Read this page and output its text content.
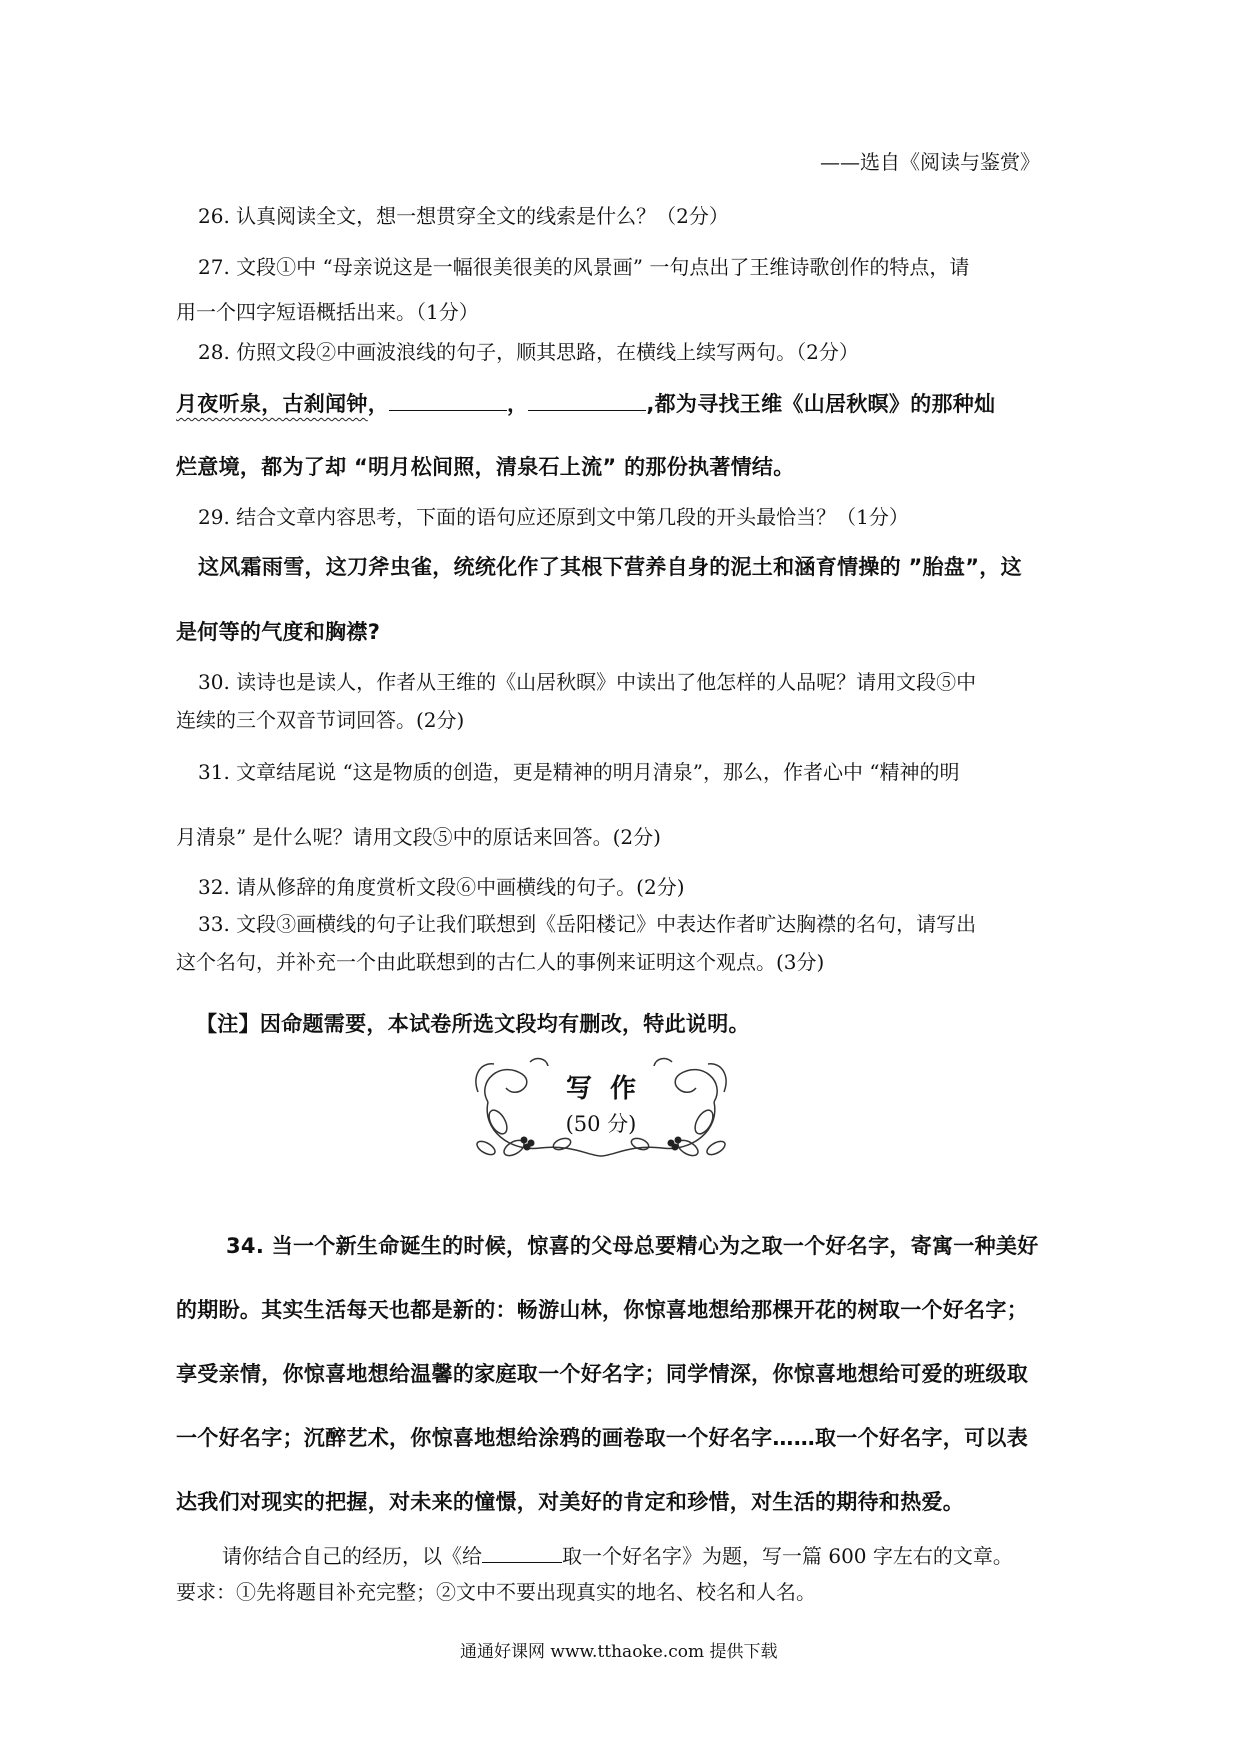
——选自《阅读与鉴赏》
26. 认真阅读全文，想一想贯穿全文的线索是什么？（2分）
27. 文段①中 “母亲说这是一幅很美很美的风景画” 一句点出了王维诗歌创作的特点，请
用一个四字短语概括出来。（1分）
28. 仿照文段②中画波浪线的句子，顺其思路，在横线上续写两句。（2分）
月夜听泉，古刹闻钟，	，	,都为寻找王维《山居秋暝》的那种灿
烂意境，都为了却 “明月松间照，清泉石上流” 的那份执著情结。
29. 结合文章内容思考，下面的语句应还原到文中第几段的开头最恰当？（1分）
这风霜雨雪，这刀斧虫雀，统统化作了其根下营养自身的泥土和涵育情操的 ”胎盘”，这
是何等的气度和胸襟?
30. 读诗也是读人，作者从王维的《山居秋暝》中读出了他怎样的人品呢？请用文段⑤中
连续的三个双音节词回答。(2分)
31. 文章结尾说 “这是物质的创造，更是精神的明月清泉”，那么，作者心中 “精神的明
月清泉” 是什么呢？请用文段⑤中的原话来回答。(2分)
32. 请从修辞的角度赏析文段⑥中画横线的句子。(2分)
33. 文段③画横线的句子让我们联想到《岳阳楼记》中表达作者旷达胸襟的名句，请写出
这个名句，并补充一个由此联想到的古仁人的事例来证明这个观点。(3分)
【注】因命题需要，本试卷所选文段均有删改，特此说明。
写  作
(50 分)
34. 当一个新生命诞生的时候，惊喜的父母总要精心为之取一个好名字，寄寓一种美好
的期盼。其实生活每天也都是新的：畅游山林，你惊喜地想给那棵开花的树取一个好名字；
享受亲情，你惊喜地想给温馨的家庭取一个好名字；同学情深，你惊喜地想给可爱的班级取
一个好名字；沉醉艺术，你惊喜地想给涂鸦的画卷取一个好名字……取一个好名字，可以表
达我们对现实的把握，对未来的憧憬，对美好的肯定和珍惜，对生活的期待和热爱。
请你结合自己的经历，以《给	取一个好名字》为题，写一篇 600 字左右的文章。
要求：①先将题目补充完整；②文中不要出现真实的地名、校名和人名。
通通好课网 www.tthaoke.com 提供下载
